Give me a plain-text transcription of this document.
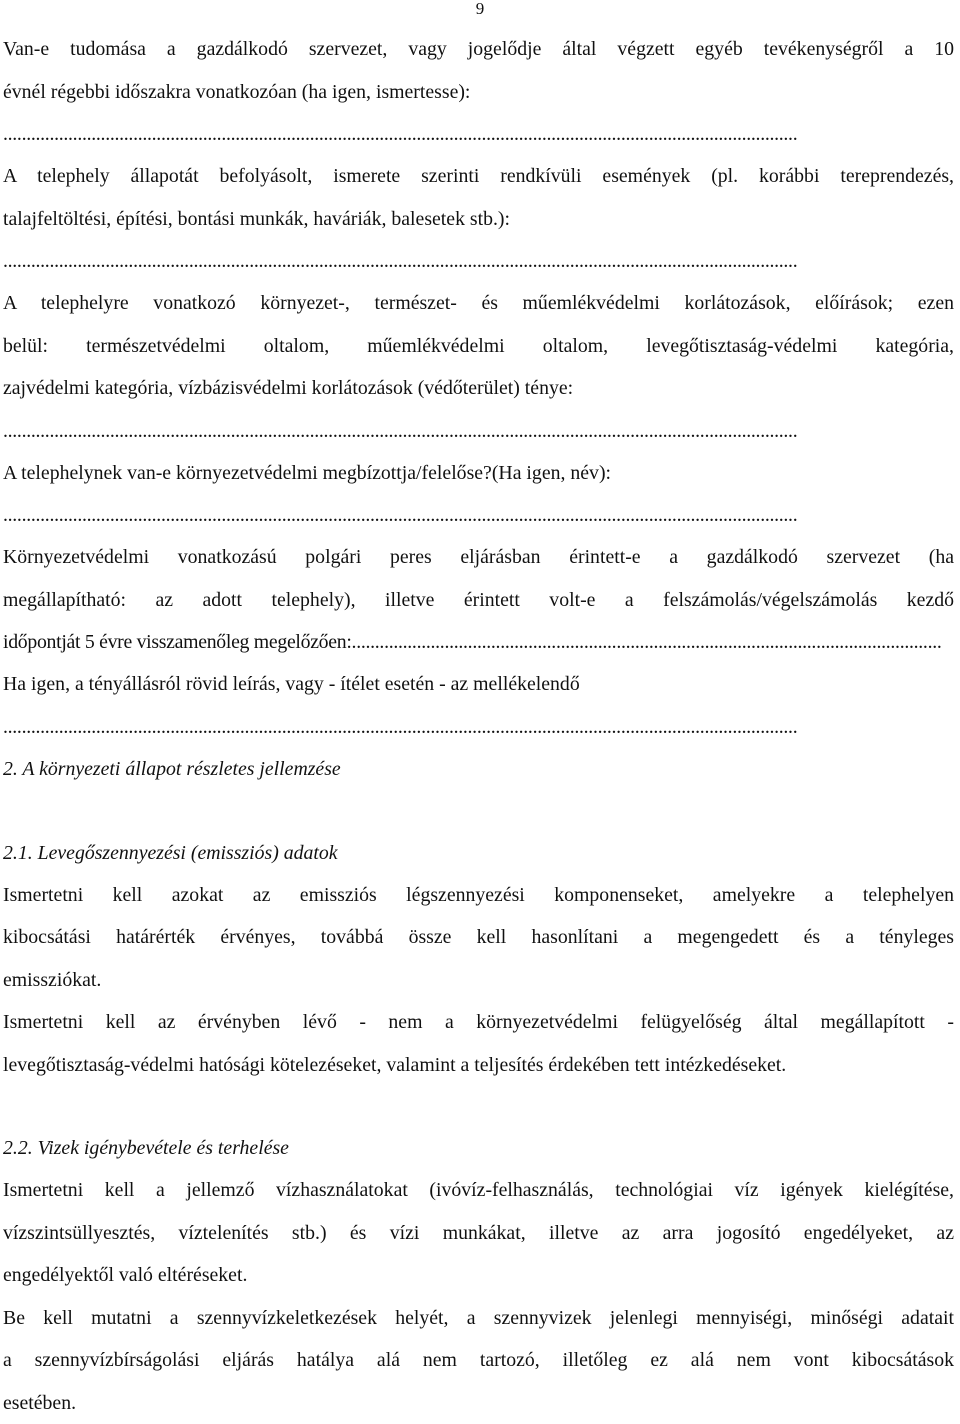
9

Van-e tudomása a gazdálkodó szervezet, vagy jogelődje által végzett egyéb tevékenységről a 10

évnél régebbi időszakra vonatkozóan (ha igen, ismertesse):

...........................................................................................................................................................................

A telephely állapotát befolyásolt, ismerete szerinti rendkívüli események (pl. korábbi tereprendezés,

talajfeltöltési, építési, bontási munkák, haváriák, balesetek stb.):

...........................................................................................................................................................................

A telephelyre vonatkozó környezet-, természet- és műemlékvédelmi korlátozások, előírások; ezen

belül: természetvédelmi oltalom, műemlékvédelmi oltalom, levegőtisztaság-védelmi kategória,

zajvédelmi kategória, vízbázisvédelmi korlátozások (védőterület) ténye:

...........................................................................................................................................................................

A telephelynek van-e környezetvédelmi megbízottja/felelőse?(Ha igen, név):

...........................................................................................................................................................................

Környezetvédelmi vonatkozású polgári peres eljárásban érintett-e a gazdálkodó szervezet (ha

megállapítható: az adott telephely), illetve érintett volt-e a felszámolás/végelszámolás kezdő

időpontját 5 évre visszamenőleg megelőzően:...............................................................................................................................

Ha igen, a tényállásról rövid leírás, vagy - ítélet esetén - az mellékelendő

...........................................................................................................................................................................

2. A környezeti állapot részletes jellemzése

2.1. Levegőszennyezési (emissziós) adatok

Ismertetni kell azokat az emissziós légszennyezési komponenseket, amelyekre a telephelyen

kibocsátási határérték érvényes, továbbá össze kell hasonlítani a megengedett és a tényleges

emissziókat.

Ismertetni kell az érvényben lévő - nem a környezetvédelmi felügyelőség által megállapított -

levegőtisztaság-védelmi hatósági kötelezéseket, valamint a teljesítés érdekében tett intézkedéseket.

2.2. Vizek igénybevétele és terhelése

Ismertetni kell a jellemző vízhasználatokat (ivóvíz-felhasználás, technológiai víz igények kielégítése,

vízszintsüllyesztés, víztelenítés stb.) és vízi munkákat, illetve az arra jogosító engedélyeket, az

engedélyektől való eltéréseket.

Be kell mutatni a szennyvízkeletkezések helyét, a szennyvizek jelenlegi mennyiségi, minőségi adatait

a szennyvízbírságolási eljárás hatálya alá nem tartozó, illetőleg ez alá nem vont kibocsátások

esetében.
